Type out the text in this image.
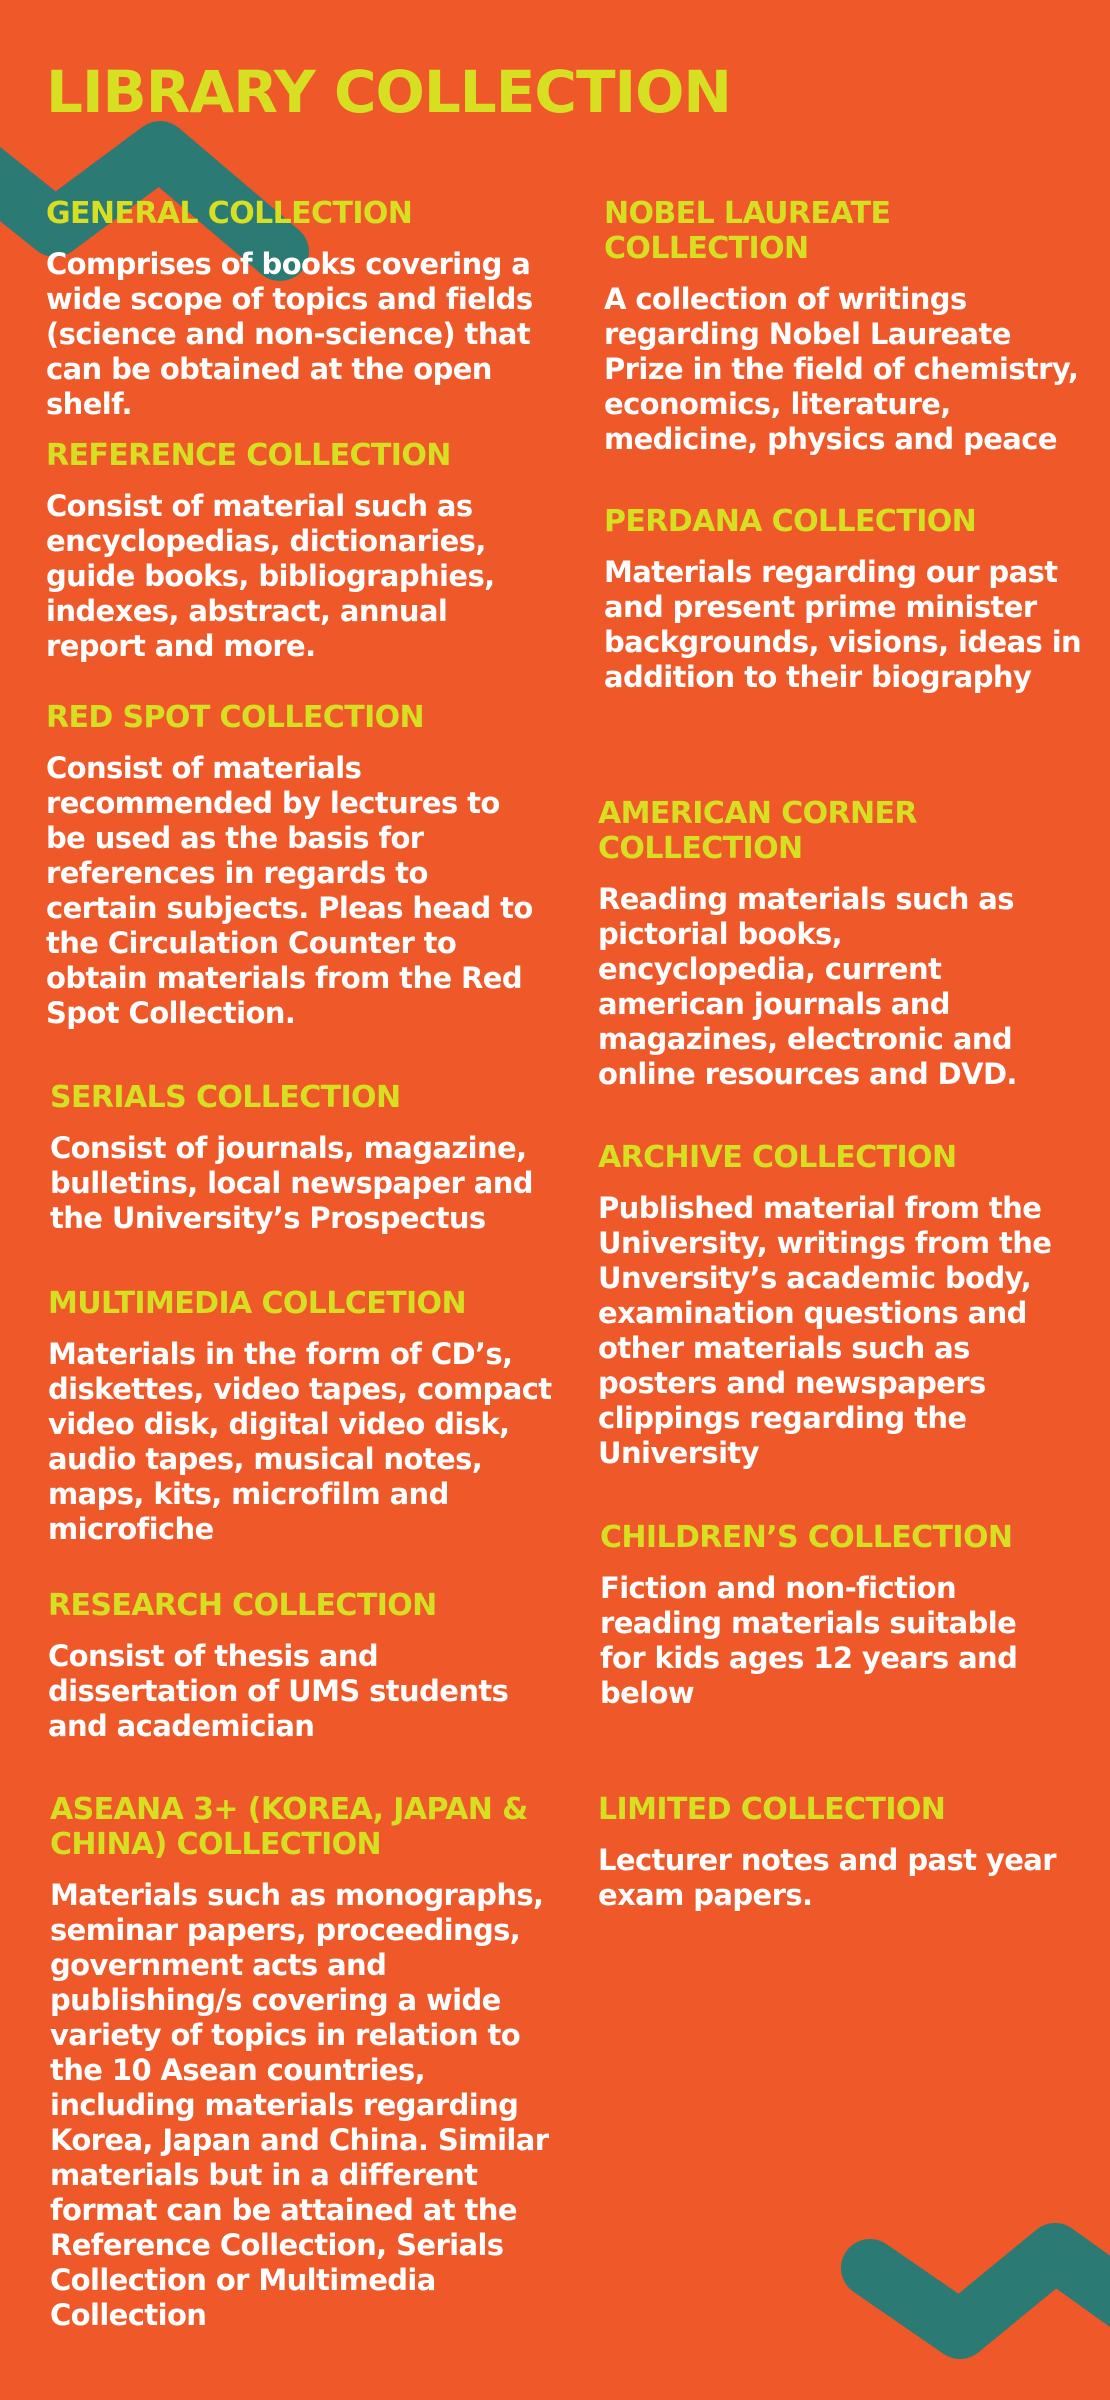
LIBRARY COLLECTION
GENERAL COLLECTION

Comprises of books covering a wide scope of topics and fields (science and non-science) that can be obtained at the open shelf.

REFERENCE COLLECTION

Consist of material such as encyclopedias, dictionaries, guide books, bibliographies, indexes, abstract, annual report and more.

RED SPOT COLLECTION

Consist of materials recommended by lectures to be used as the basis for references in regards to certain subjects. Pleas head to the Circulation Counter to obtain materials from the Red Spot Collection.

SERIALS COLLECTION

Consist of journals, magazine, bulletins, local newspaper and the University’s Prospectus

MULTIMEDIA COLLCETION

Materials in the form of CD’s, diskettes, video tapes, compact video disk, digital video disk, audio tapes, musical notes, maps, kits, microfilm and microfiche

RESEARCH COLLECTION

Consist of thesis and dissertation of UMS students and academician

ASEANA 3+ (KOREA, JAPAN & CHINA) COLLECTION

Materials such as monographs, seminar papers, proceedings, government acts and publishing/s covering a wide variety of topics in relation to the 10 Asean countries, including materials regarding Korea, Japan and China. Similar materials but in a different format can be attained at the Reference Collection, Serials Collection or Multimedia Collection

NOBEL LAUREATE COLLECTION

A collection of writings regarding Nobel Laureate Prize in the field of chemistry, economics, literature, medicine, physics and peace

PERDANA COLLECTION

Materials regarding our past and present prime minister backgrounds, visions, ideas in addition to their biography

AMERICAN CORNER COLLECTION

Reading materials such as pictorial books, encyclopedia, current american journals and magazines, electronic and online resources and DVD.

ARCHIVE COLLECTION

Published material from the University, writings from the Unversity’s academic body, examination questions and other materials such as posters and newspapers clippings regarding the University

CHILDREN’S COLLECTION

Fiction and non-fiction reading materials suitable for kids ages 12 years and below

LIMITED COLLECTION

Lecturer notes and past year exam papers.
